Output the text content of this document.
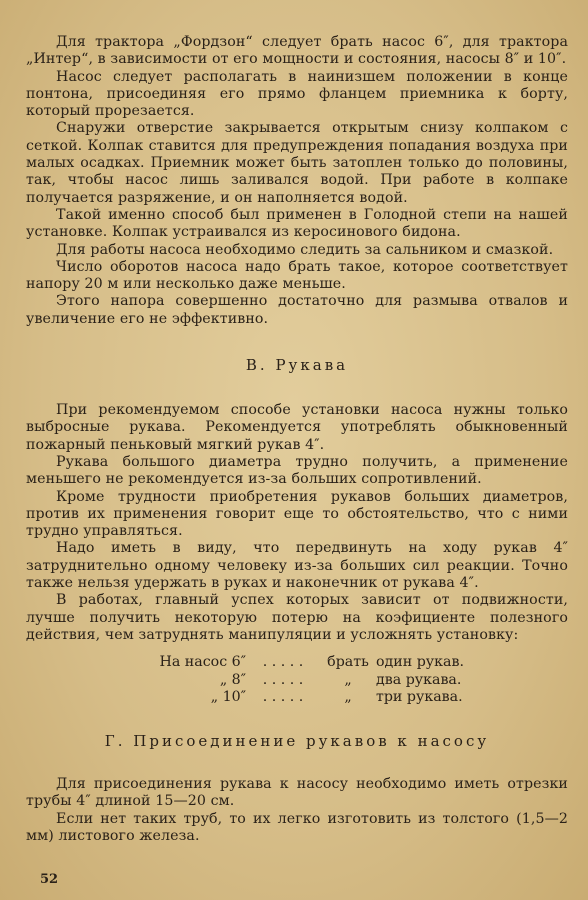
Для трактора „Фордзон“ следует брать насос 6″, для трактора „Интер“, в зависимости от его мощности и состояния, насосы 8″ и 10″.

Насос следует располагать в наинизшем положении в конце понтона, присоединяя его прямо фланцем приемника к борту, который прорезается.

Снаружи отверстие закрывается открытым снизу колпаком с сеткой. Колпак ставится для предупреждения попадания воздуха при малых осадках. Приемник может быть затоплен только до половины, так, чтобы насос лишь заливался водой. При работе в колпаке получается разряжение, и он наполняется водой.

Такой именно способ был применен в Голодной степи на нашей установке. Колпак устраивался из керосинового бидона.

Для работы насоса необходимо следить за сальником и смазкой.

Число оборотов насоса надо брать такое, которое соответствует напору 20 м или несколько даже меньше.

Этого напора совершенно достаточно для размыва отвалов и увеличение его не эффективно.

В. Рукава

При рекомендуемом способе установки насоса нужны только выбросные рукава. Рекомендуется употреблять обыкновенный пожарный пеньковый мягкий рукав 4″.

Рукава большого диаметра трудно получить, а применение меньшего не рекомендуется из-за больших сопротивлений.

Кроме трудности приобретения рукавов больших диаметров, против их применения говорит еще то обстоятельство, что с ними трудно управляться.

Надо иметь в виду, что передвинуть на ходу рукав 4″ затруднительно одному человеку из-за больших сил реакции. Точно также нельзя удержать в руках и наконечник от рукава 4″.

В работах, главный успех которых зависит от подвижности, лучше получить некоторую потерю на коэфициенте полезного действия, чем затруднять манипуляции и усложнять установку:

На насос 6″	. . . . .	брать	один рукав.
„ 8″	. . . . .	„	два рукава.
„ 10″	. . . . .	„	три рукава.
Г. Присоединение рукавов к насосу

Для присоединения рукава к насосу необходимо иметь отрезки трубы 4″ длиной 15—20 см.

Если нет таких труб, то их легко изготовить из толстого (1,5—2 мм) листового железа.

52
